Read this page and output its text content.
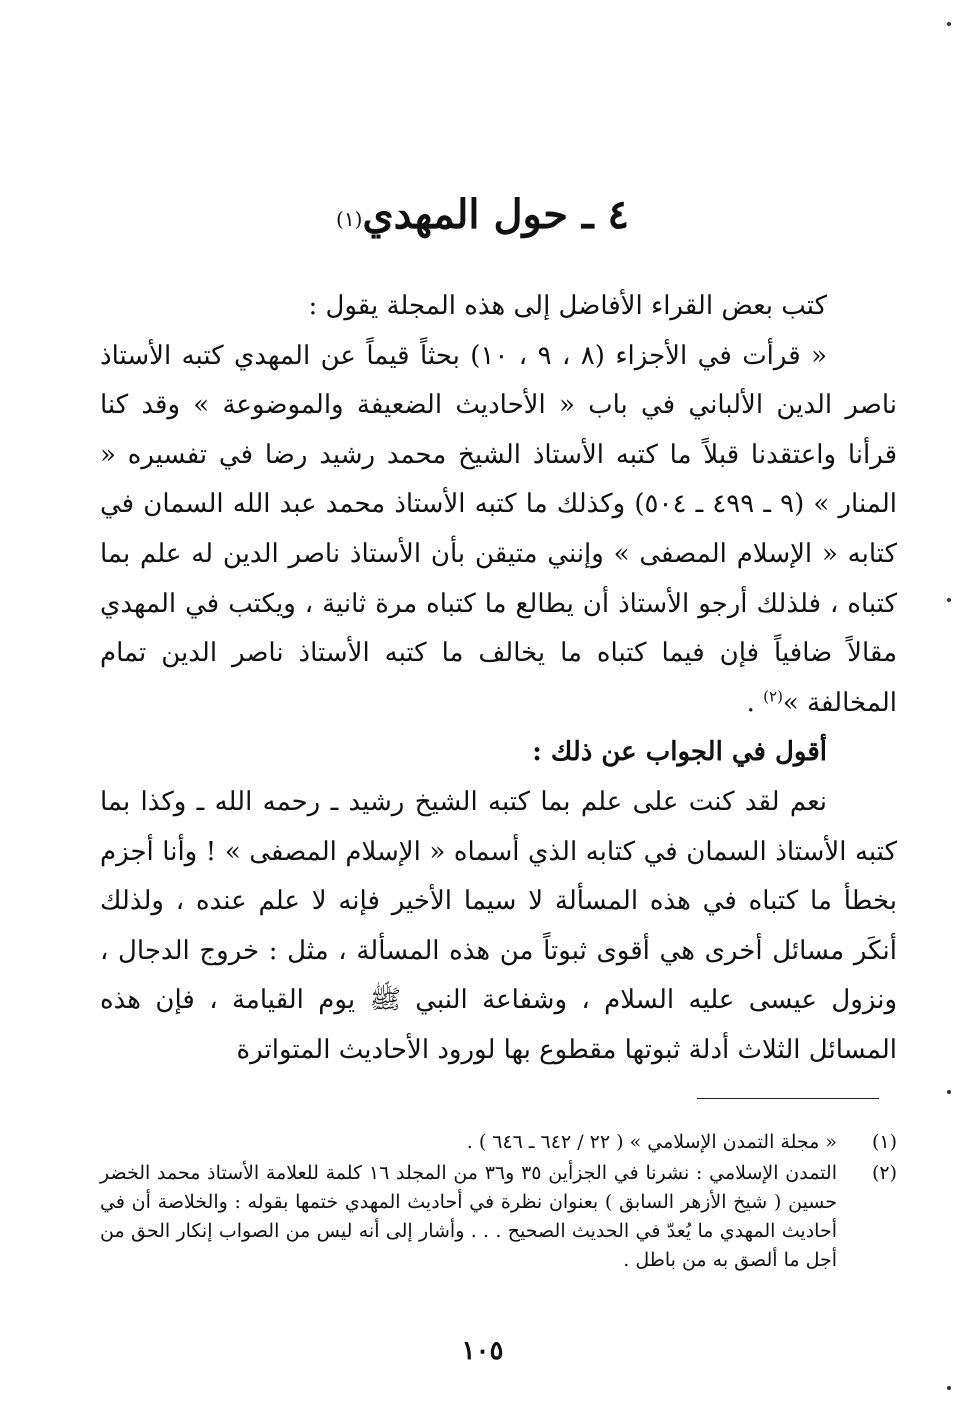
٤ ـ حول المهدي$^{(١)}$

كتب بعض القراء الأفاضل إلى هذه المجلة يقول :

« قرأت في الأجزاء (٨ ، ٩ ، ١٠) بحثاً قيماً عن المهدي كتبه الأستاذ ناصر الدين الألباني في باب « الأحاديث الضعيفة والموضوعة » وقد كنا قرأنا واعتقدنا قبلاً ما كتبه الأستاذ الشيخ محمد رشيد رضا في تفسيره « المنار » (٩ ـ ٤٩٩ ـ ٥٠٤) وكذلك ما كتبه الأستاذ محمد عبد الله السمان في كتابه « الإسلام المصفى » وإنني متيقن بأن الأستاذ ناصر الدين له علم بما كتباه ، فلذلك أرجو الأستاذ أن يطالع ما كتباه مرة ثانية ، ويكتب في المهدي مقالاً ضافياً فإن فيما كتباه ما يخالف ما كتبه الأستاذ ناصر الدين تمام المخالفة »$^{(٢)}$ .

أقول في الجواب عن ذلك :

نعم لقد كنت على علم بما كتبه الشيخ رشيد ـ رحمه الله ـ وكذا بما كتبه الأستاذ السمان في كتابه الذي أسماه « الإسلام المصفى » ! وأنا أجزم بخطأ ما كتباه في هذه المسألة لا سيما الأخير فإنه لا علم عنده ، ولذلك أنكَر مسائل أخرى هي أقوى ثبوتاً من هذه المسألة ، مثل : خروج الدجال ، ونزول عيسى عليه السلام ، وشفاعة النبي ﷺ يوم القيامة ، فإن هذه المسائل الثلاث أدلة ثبوتها مقطوع بها لورود الأحاديث المتواترة

(١)
« مجلة التمدن الإسلامي » ( ٢٢ / ٦٤٢ ـ ٦٤٦ ) .
(٢)
التمدن الإسلامي : نشرنا في الجزأين ٣٥ و٣٦ من المجلد ١٦ كلمة للعلامة الأستاذ محمد الخضر حسين ( شيخ الأزهر السابق ) بعنوان نظرة في أحاديث المهدي ختمها بقوله : والخلاصة أن في أحاديث المهدي ما يُعدّ في الحديث الصحيح . . . وأشار إلى أنه ليس من الصواب إنكار الحق من أجل ما ألصق به من باطل .
١٠٥
